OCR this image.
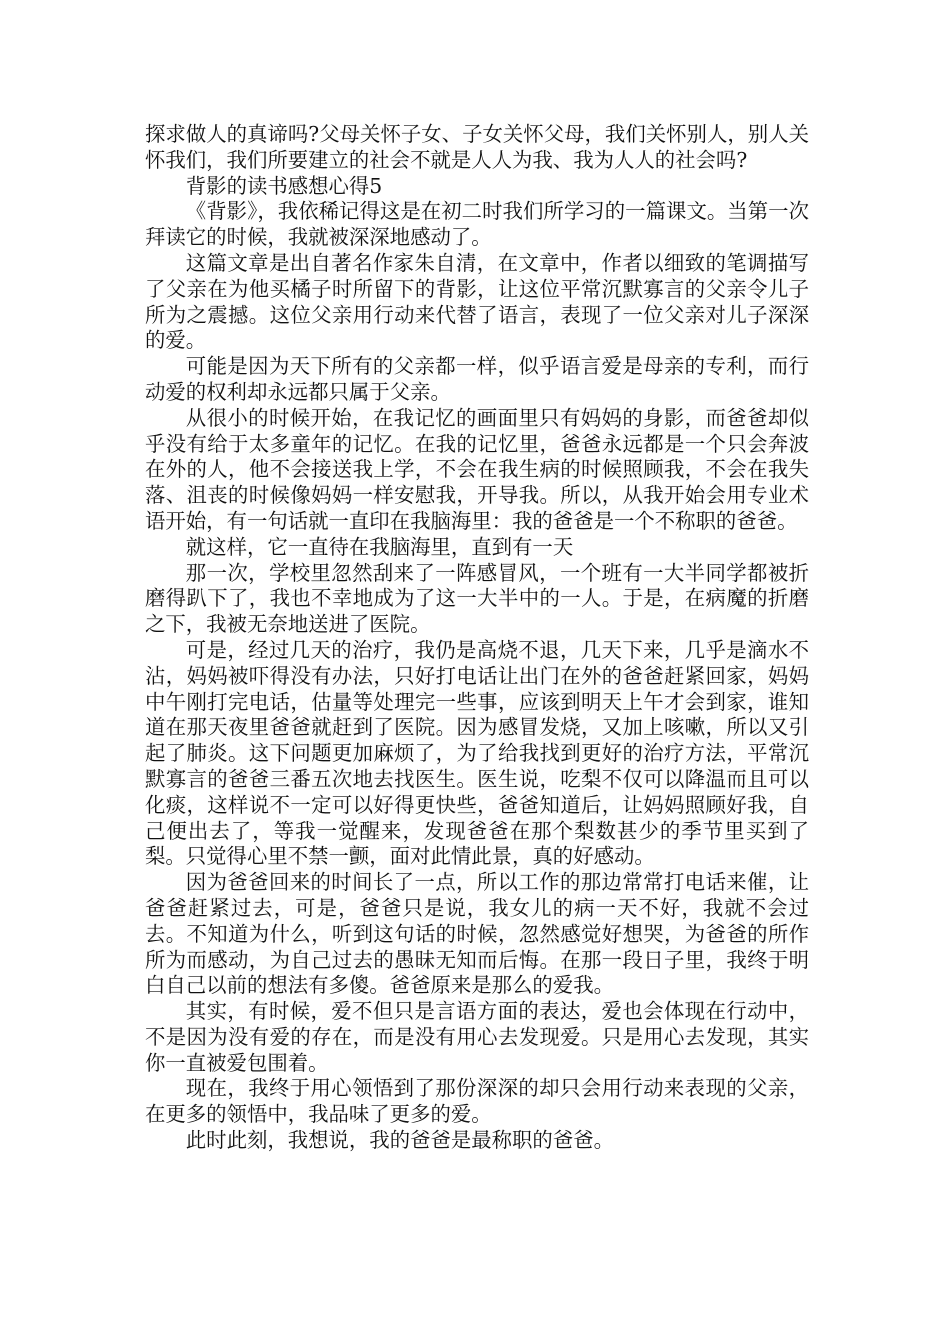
探求做人的真谛吗?父母关怀子女、子女关怀父母，我们关怀别人，别人关怀我们，我们所要建立的社会不就是人人为我、我为人人的社会吗?

背影的读书感想心得5

《背影》，我依稀记得这是在初二时我们所学习的一篇课文。当第一次拜读它的时候，我就被深深地感动了。

这篇文章是出自著名作家朱自清，在文章中，作者以细致的笔调描写了父亲在为他买橘子时所留下的背影，让这位平常沉默寡言的父亲令儿子所为之震撼。这位父亲用行动来代替了语言，表现了一位父亲对儿子深深的爱。

可能是因为天下所有的父亲都一样，似乎语言爱是母亲的专利，而行动爱的权利却永远都只属于父亲。

从很小的时候开始，在我记忆的画面里只有妈妈的身影，而爸爸却似乎没有给于太多童年的记忆。在我的记忆里，爸爸永远都是一个只会奔波在外的人，他不会接送我上学，不会在我生病的时候照顾我，不会在我失落、沮丧的时候像妈妈一样安慰我，开导我。所以，从我开始会用专业术语开始，有一句话就一直印在我脑海里：我的爸爸是一个不称职的爸爸。

就这样，它一直待在我脑海里，直到有一天

那一次，学校里忽然刮来了一阵感冒风，一个班有一大半同学都被折磨得趴下了，我也不幸地成为了这一大半中的一人。于是，在病魔的折磨之下，我被无奈地送进了医院。

可是，经过几天的治疗，我仍是高烧不退，几天下来，几乎是滴水不沾，妈妈被吓得没有办法，只好打电话让出门在外的爸爸赶紧回家，妈妈中午刚打完电话，估量等处理完一些事，应该到明天上午才会到家，谁知道在那天夜里爸爸就赶到了医院。因为感冒发烧，又加上咳嗽，所以又引起了肺炎。这下问题更加麻烦了，为了给我找到更好的治疗方法，平常沉默寡言的爸爸三番五次地去找医生。医生说，吃梨不仅可以降温而且可以化痰，这样说不一定可以好得更快些，爸爸知道后，让妈妈照顾好我，自己便出去了，等我一觉醒来，发现爸爸在那个梨数甚少的季节里买到了梨。只觉得心里不禁一颤，面对此情此景，真的好感动。

因为爸爸回来的时间长了一点，所以工作的那边常常打电话来催，让爸爸赶紧过去，可是，爸爸只是说，我女儿的病一天不好，我就不会过去。不知道为什么，听到这句话的时候，忽然感觉好想哭，为爸爸的所作所为而感动，为自己过去的愚昧无知而后悔。在那一段日子里，我终于明白自己以前的想法有多傻。爸爸原来是那么的爱我。

其实，有时候，爱不但只是言语方面的表达，爱也会体现在行动中，不是因为没有爱的存在，而是没有用心去发现爱。只是用心去发现，其实你一直被爱包围着。

现在，我终于用心领悟到了那份深深的却只会用行动来表现的父亲，在更多的领悟中，我品味了更多的爱。

此时此刻，我想说，我的爸爸是最称职的爸爸。
